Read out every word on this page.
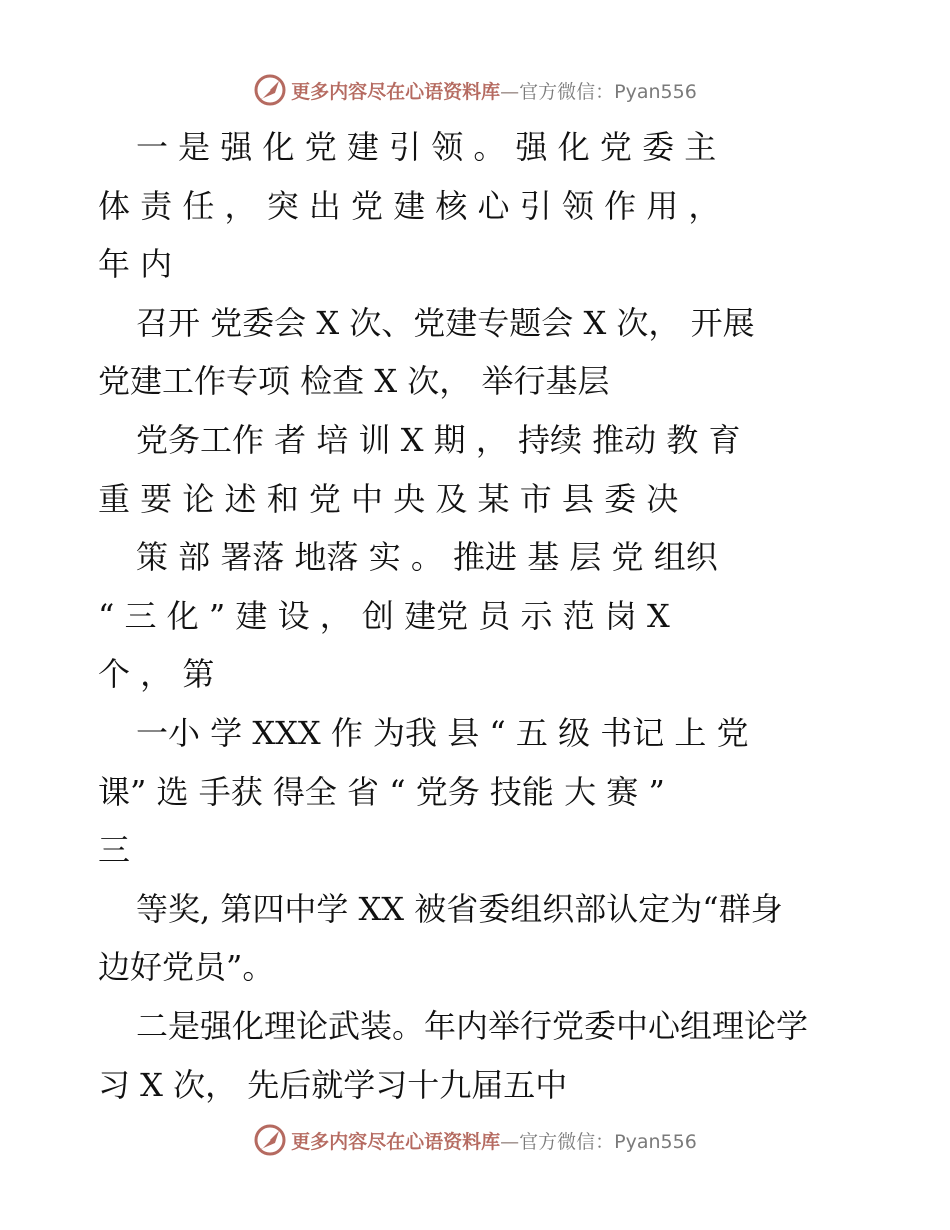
更多内容尽在心语资料库—官方微信：Pyan556
一 是 强 化 党 建 引 领 。 强 化 党 委 主
体 责 任 ， 突 出 党 建 核 心 引 领 作 用 ，
年 内
召开 党委会 X 次、党建专题会 X 次， 开展
党建工作专项 检查 X 次， 举行基层
党务工作 者 培 训 X 期 ， 持续 推动 教 育
重 要 论 述 和 党 中 央 及 某 市 县 委 决
策 部 署落 地落 实 。 推进 基 层 党 组织
“ 三 化 ” 建 设 ， 创 建党 员 示 范 岗 X
个 ， 第
一小 学 XXX 作 为我 县 “ 五 级 书记 上 党
课” 选 手获 得全 省 “ 党务 技能 大 赛 ”
三
等奖, 第四中学 XX 被省委组织部认定为“群身
边好党员”。
二是强化理论武装。年内举行党委中心组理论学
习 X 次， 先后就学习十九届五中
更多内容尽在心语资料库—官方微信：Pyan556
